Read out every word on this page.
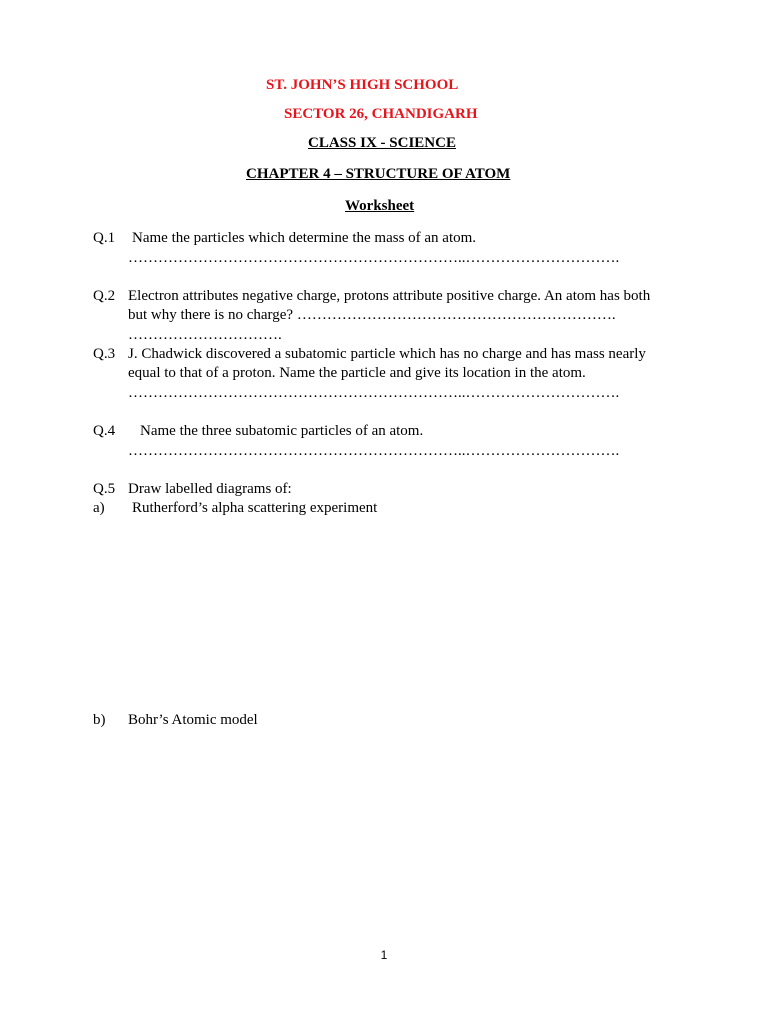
ST. JOHN’S HIGH SCHOOL
SECTOR 26, CHANDIGARH
CLASS IX - SCIENCE
CHAPTER 4 – STRUCTURE OF ATOM
Worksheet
Q.1 Name the particles which determine the mass of an atom.
…………………………………………………………..………………………….
Q.2 Electron attributes negative charge, protons attribute positive charge. An atom has both
but why there is no charge? ……………………………………………………….
………………………….
Q.3 J. Chadwick discovered a subatomic particle which has no charge and has mass nearly
equal to that of a proton. Name the particle and give its location in the atom.
…………………………………………………………..………………………….
Q.4 Name the three subatomic particles of an atom.
…………………………………………………………..………………………….
Q.5 Draw labelled diagrams of:
a) Rutherford’s alpha scattering experiment
b) Bohr’s Atomic model
1
